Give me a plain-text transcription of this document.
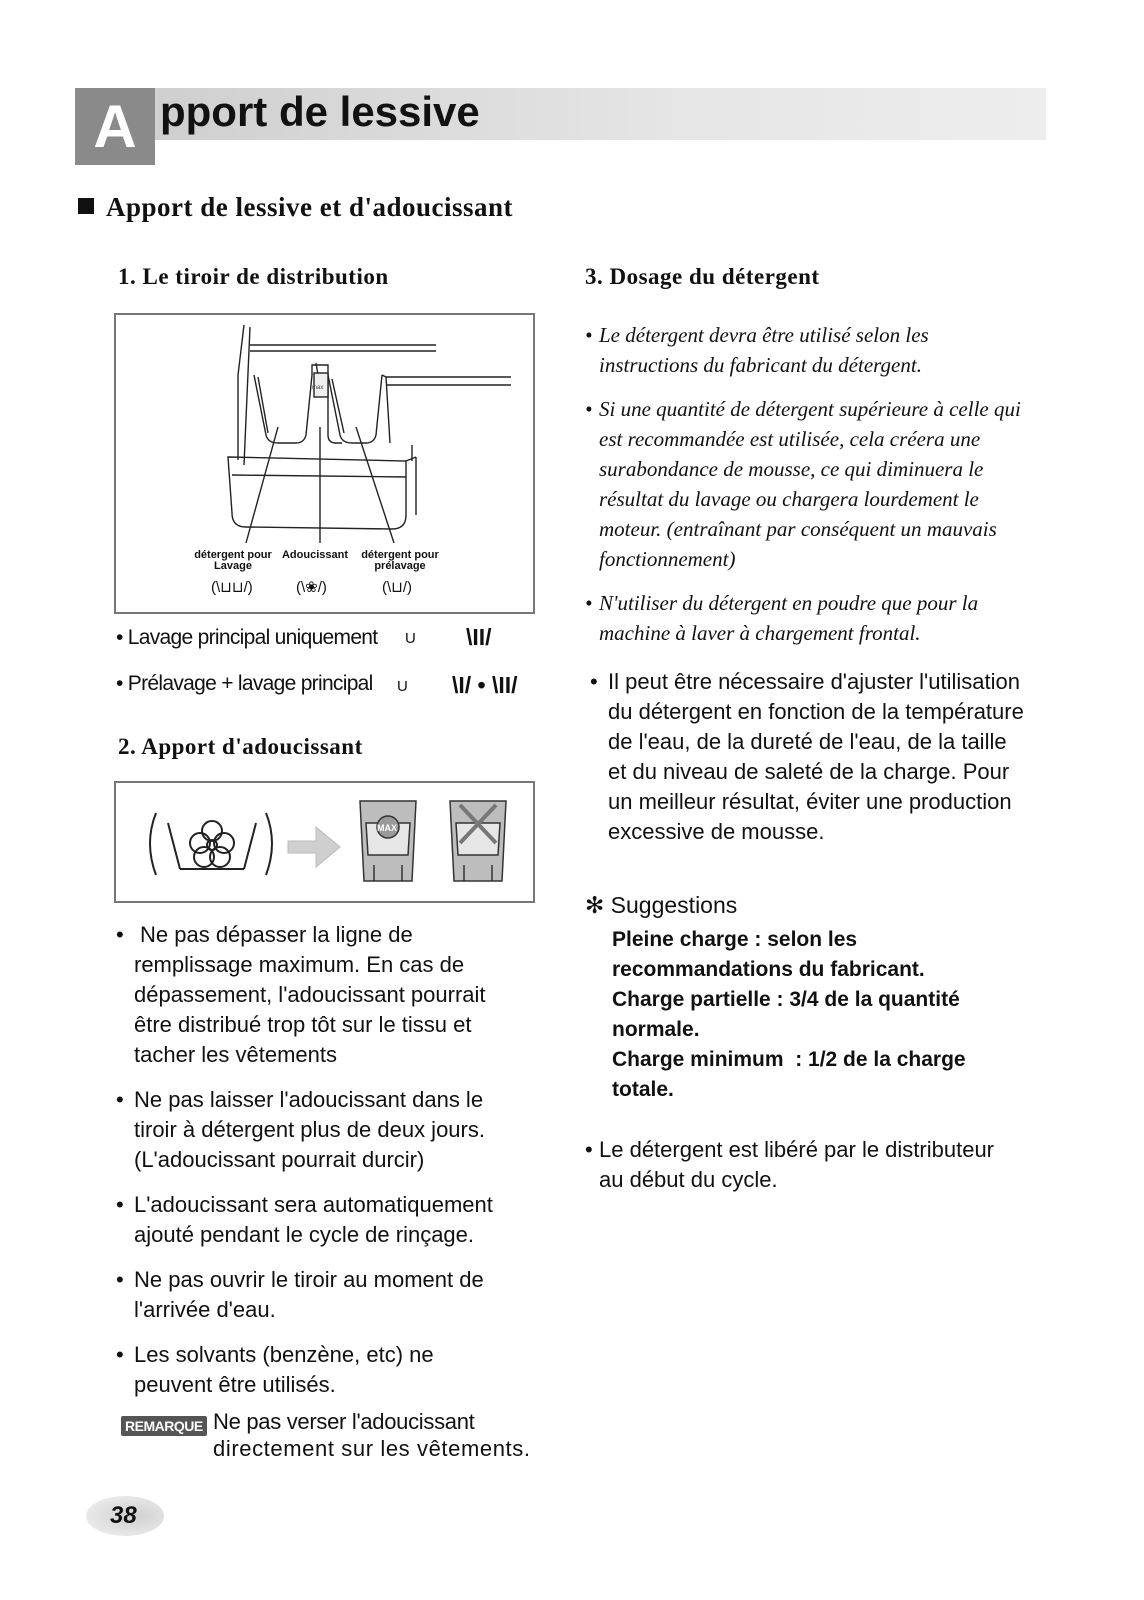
A pport de lessive
Apport de lessive et d'adoucissant
1. Le tiroir de distribution
max
détergent pour
Lavage
Adoucissant	détergent pour
prélavage
(\⊔⊔/)	(\❀/)	(\⊔/)
• Lavage principal uniquement U \II/
• Prélavage + lavage principal U \I/ • \II/
2. Apport d'adoucissant
MAX
• Ne pas dépasser la ligne de remplissage maximum. En cas de dépassement, l'adoucissant pourrait être distribué trop tôt sur le tissu et tacher les vêtements
• Ne pas laisser l'adoucissant dans le tiroir à détergent plus de deux jours. (L'adoucissant pourrait durcir)
• L'adoucissant sera automatiquement ajouté pendant le cycle de rinçage.
• Ne pas ouvrir le tiroir au moment de l'arrivée d'eau.
• Les solvants (benzène, etc) ne peuvent être utilisés.
REMARQUE Ne pas verser l'adoucissant
directement sur les vêtements.
3. Dosage du détergent
• Le détergent devra être utilisé selon les instructions du fabricant du détergent.
• Si une quantité de détergent supérieure à celle qui est recommandée est utilisée, cela créera une surabondance de mousse, ce qui diminuera le résultat du lavage ou chargera lourdement le moteur. (entraînant par conséquent un mauvais fonctionnement)
• N'utiliser du détergent en poudre que pour la machine à laver à chargement frontal.
• Il peut être nécessaire d'ajuster l'utilisation du détergent en fonction de la température de l'eau, de la dureté de l'eau, de la taille et du niveau de saleté de la charge. Pour un meilleur résultat, éviter une production excessive de mousse.
✻ Suggestions
Pleine charge : selon les recommandations du fabricant.
Charge partielle : 3/4 de la quantité normale.
Charge minimum  : 1/2 de la charge totale.
• Le détergent est libéré par le distributeur au début du cycle.
38
